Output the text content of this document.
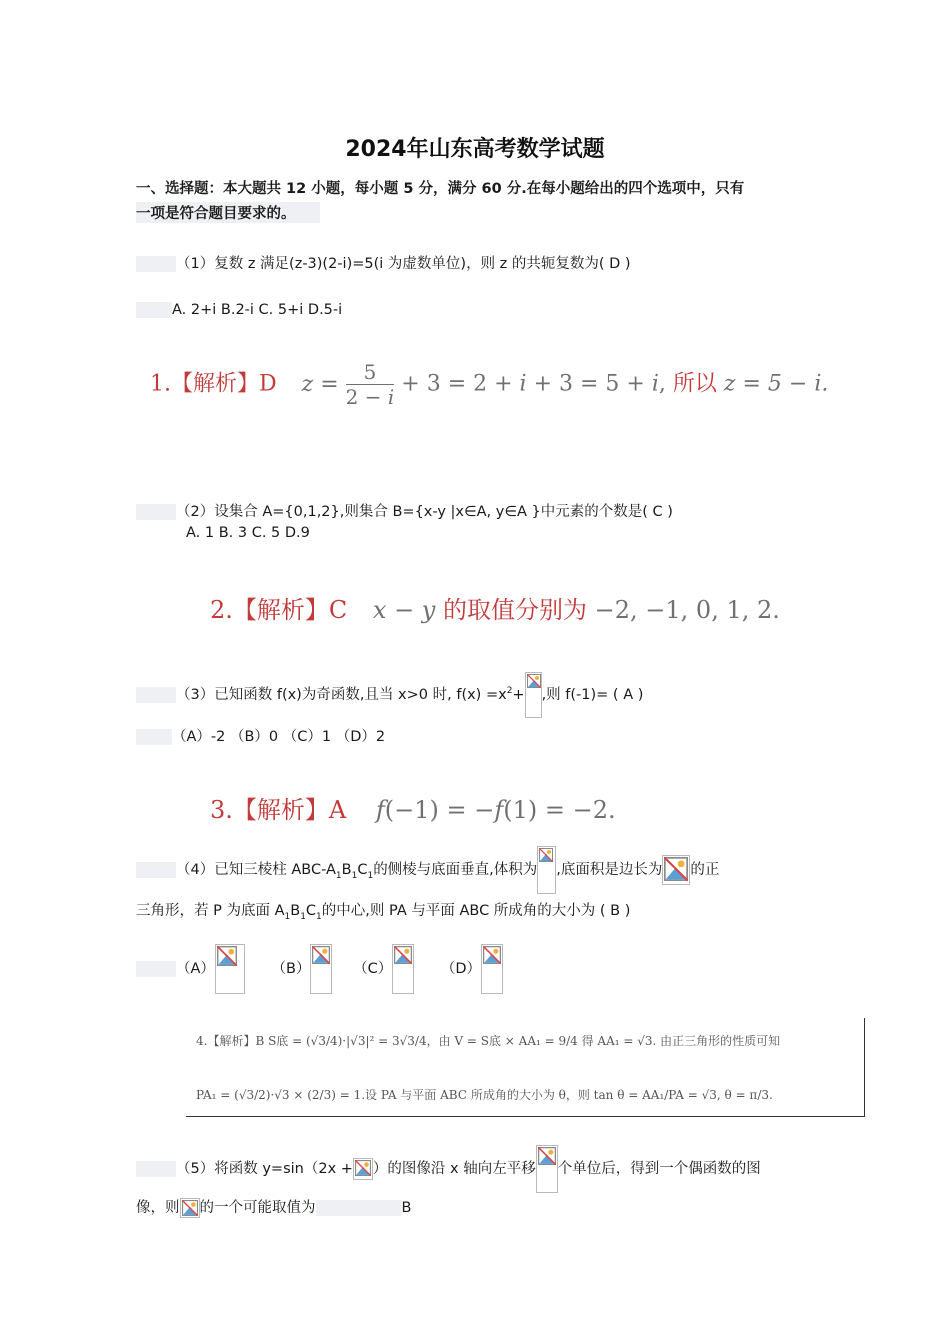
2024年山东高考数学试题
一、选择题：本大题共 12 小题，每小题 5 分，满分 60 分.在每小题给出的四个选项中，只有
一项是符合题目要求的。
（1）复数 z 满足(z-3)(2-i)=5(i 为虚数单位)，则 z 的共轭复数为( D )
A. 2+i B.2-i C. 5+i D.5-i
1.【解析】D $z = \frac{5}{2 - i} + 3 = 2 + i + 3 = 5 + i$, 所以 z = 5 − i.
（2）设集合 A={0,1,2},则集合 B={x-y |x∈A, y∈A }中元素的个数是( C )
A. 1 B. 3 C. 5 D.9
2.【解析】C x − y 的取值分别为 −2, −1, 0, 1, 2.
（3）已知函数 f(x)为奇函数,且当 x>0 时, $f(x) =x^2+$ ,则 f(-1)= ( A )
（A）-2 （B）0 （C）1 （D）2
3.【解析】A f(−1) = −f(1) = −2.
（4）已知三棱柱 ABC-$A_1B_1C_1$的侧棱与底面垂直,体积为 ,底面积是边长为 的正
三角形，若 P 为底面 $A_1B_1C_1$的中心,则 PA 与平面 ABC 所成角的大小为 ( B )
（A）	（B）	（C）	（D）
4.【解析】B S底 = (√3/4)·|√3|² = 3√3/4，由 V = S底 × AA₁ = 9/4 得 AA₁ = √3. 由正三角形的性质可知
PA₁ = (√3/2)·√3 × (2/3) = 1.设 PA 与平面 ABC 所成角的大小为 θ，则 tan θ = AA₁/PA = √3, θ = π/3.
（5）将函数 y=sin（2x + ）的图像沿 x 轴向左平移 个单位后，得到一个偶函数的图
像，则 的一个可能取值为	B
